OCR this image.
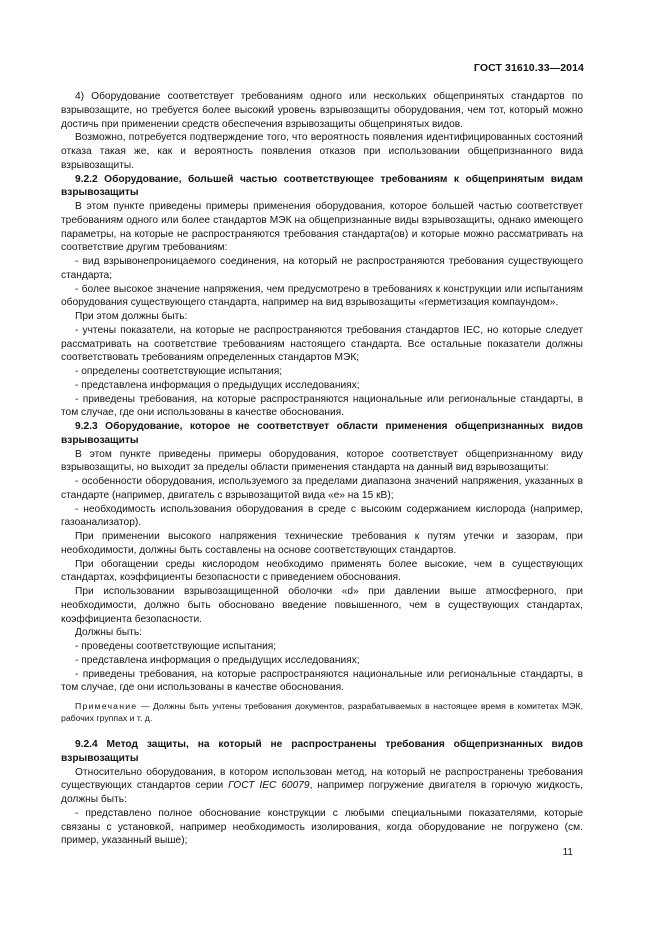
ГОСТ 31610.33—2014

4) Оборудование соответствует требованиям одного или нескольких общепринятых стандартов по взрывозащите, но требуется более высокий уровень взрывозащиты оборудования, чем тот, который можно достичь при применении средств обеспечения взрывозащиты общепринятых видов.

Возможно, потребуется подтверждение того, что вероятность появления идентифицированных состояний отказа такая же, как и вероятность появления отказов при использовании общепризнанного вида взрывозащиты.

9.2.2 Оборудование, большей частью соответствующее требованиям к общепринятым видам взрывозащиты

В этом пункте приведены примеры применения оборудования, которое большей частью соответствует требованиям одного или более стандартов МЭК на общепризнанные виды взрывозащиты, однако имеющего параметры, на которые не распространяются требования стандарта(ов) и которые можно рассматривать на соответствие другим требованиям:

- вид взрывонепроницаемого соединения, на который не распространяются требования существующего стандарта;

- более высокое значение напряжения, чем предусмотрено в требованиях к конструкции или испытаниям оборудования существующего стандарта, например на вид взрывозащиты «герметизация компаундом».

При этом должны быть:

- учтены показатели, на которые не распространяются требования стандартов IEC, но которые следует рассматривать на соответствие требованиям настоящего стандарта. Все остальные показатели должны соответствовать требованиям определенных стандартов МЭК;

- определены соответствующие испытания;

- представлена информация о предыдущих исследованиях;

- приведены требования, на которые распространяются национальные или региональные стандарты, в том случае, где они использованы в качестве обоснования.

9.2.3 Оборудование, которое не соответствует области применения общепризнанных видов взрывозащиты

В этом пункте приведены примеры оборудования, которое соответствует общепризнанному виду взрывозащиты, но выходит за пределы области применения стандарта на данный вид взрывозащиты:

- особенности оборудования, используемого за пределами диапазона значений напряжения, указанных в стандарте (например, двигатель с взрывозащитой вида «е» на 15 кВ);

- необходимость использования оборудования в среде с высоким содержанием кислорода (например, газоанализатор).

При применении высокого напряжения технические требования к путям утечки и зазорам, при необходимости, должны быть составлены на основе соответствующих стандартов.

При обогащении среды кислородом необходимо применять более высокие, чем в существующих стандартах, коэффициенты безопасности с приведением обоснования.

При использовании взрывозащищенной оболочки «d» при давлении выше атмосферного, при необходимости, должно быть обосновано введение повышенного, чем в существующих стандартах, коэффициента безопасности.

Должны быть:

- проведены соответствующие испытания;

- представлена информация о предыдущих исследованиях;

- приведены требования, на которые распространяются национальные или региональные стандарты, в том случае, где они использованы в качестве обоснования.

Примечание — Должны быть учтены требования документов, разрабатываемых в настоящее время в комитетах МЭК, рабочих группах и т. д.

9.2.4 Метод защиты, на который не распространены требования общепризнанных видов взрывозащиты

Относительно оборудования, в котором использован метод, на который не распространены требования существующих стандартов серии ГОСТ IEC 60079, например погружение двигателя в горючую жидкость, должны быть:

- представлено полное обоснование конструкции с любыми специальными показателями, которые связаны с установкой, например необходимость изолирования, когда оборудование не погружено (см. пример, указанный выше);

11
